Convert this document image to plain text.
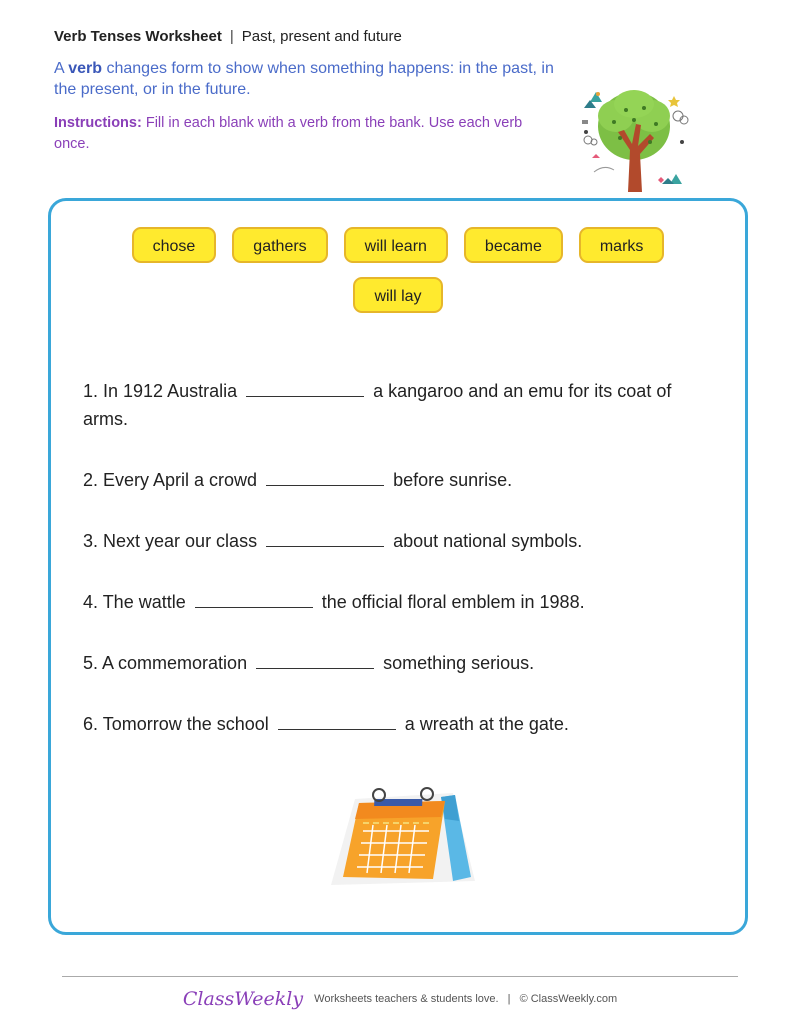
Verb Tenses Worksheet | Past, present and future
A verb changes form to show when something happens: in the past, in the present, or in the future.
Instructions: Fill in each blank with a verb from the bank. Use each verb once.
chose	gathers	will learn	became	marks
will lay
1. In 1912 Australia	a kangaroo and an emu for its coat of arms.
2. Every April a crowd	before sunrise.
3. Next year our class	about national symbols.
4. The wattle	the official floral emblem in 1988.
5. A commemoration	something serious.
6. Tomorrow the school	a wreath at the gate.
ClassWeekly Worksheets teachers & students love. | © ClassWeekly.com
